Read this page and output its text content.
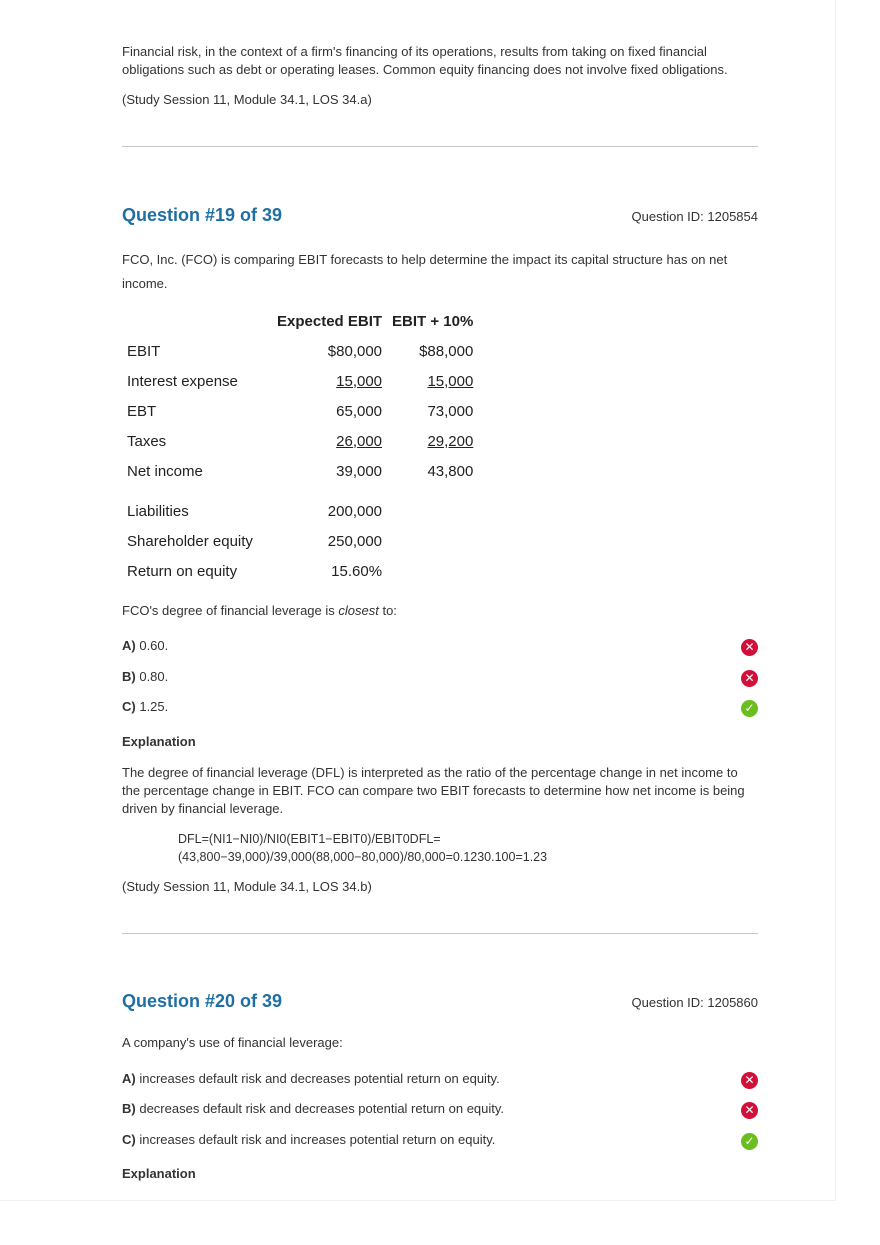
Financial risk, in the context of a firm's financing of its operations, results from taking on fixed financial obligations such as debt or operating leases. Common equity financing does not involve fixed obligations.

(Study Session 11, Module 34.1, LOS 34.a)

Question #19 of 39	Question ID: 1205854

FCO, Inc. (FCO) is comparing EBIT forecasts to help determine the impact its capital structure has on net income.

	Expected EBIT	EBIT + 10%
EBIT	$80,000	$88,000
Interest expense	15,000	15,000
EBT	65,000	73,000
Taxes	26,000	29,200
Net income	39,000	43,800

Liabilities	200,000	
Shareholder equity	250,000	
Return on equity	15.60%	

FCO's degree of financial leverage is closest to:

A) 0.60.	✕
B) 0.80.	✕
C) 1.25.	✓
Explanation

The degree of financial leverage (DFL) is interpreted as the ratio of the percentage change in net income to the percentage change in EBIT. FCO can compare two EBIT forecasts to determine how net income is being driven by financial leverage.

DFL=(NI1−NI0)/NI0(EBIT1−EBIT0)/EBIT0DFL=
(43,800−39,000)/39,000(88,000−80,000)/80,000=0.1230.100=1.23

(Study Session 11, Module 34.1, LOS 34.b)

Question #20 of 39	Question ID: 1205860

A company's use of financial leverage:

A) increases default risk and decreases potential return on equity.	✕
B) decreases default risk and decreases potential return on equity.	✕
C) increases default risk and increases potential return on equity.	✓
Explanation
